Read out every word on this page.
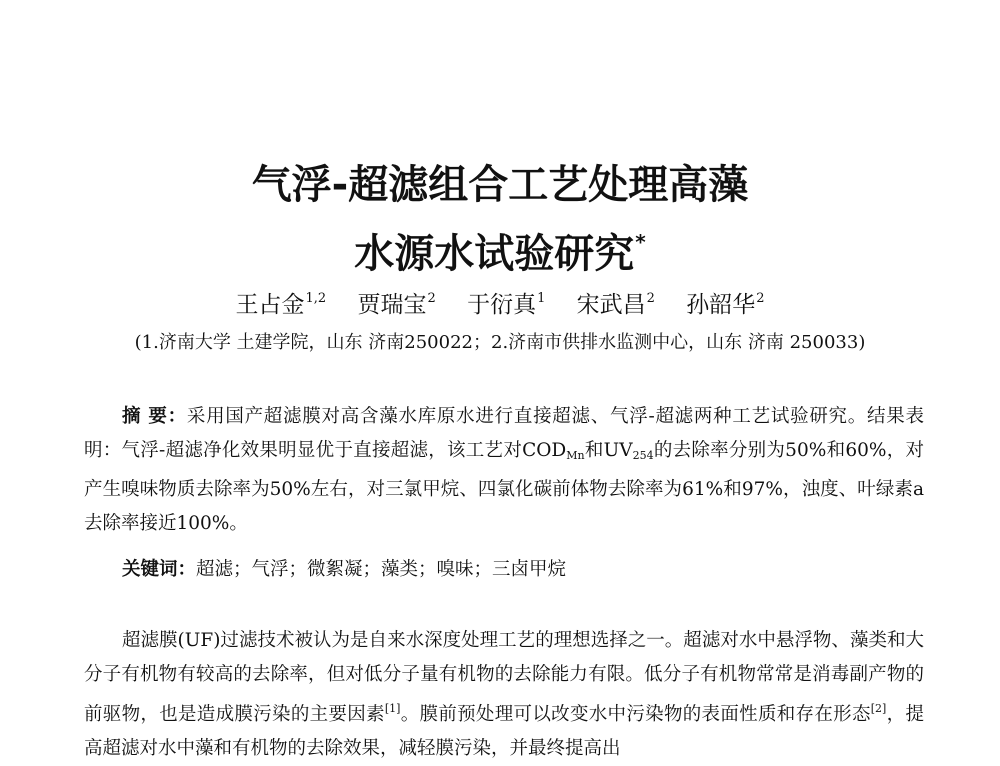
气浮-超滤组合工艺处理高藻
水源水试验研究*
王占金$^{1,2}$ 贾瑞宝$^2$ 于衍真$^1$ 宋武昌$^2$ 孙韶华$^2$
(1.济南大学 土建学院，山东 济南250022；2.济南市供排水监测中心，山东 济南 250033)
摘 要：采用国产超滤膜对高含藻水库原水进行直接超滤、气浮-超滤两种工艺试验研究。结果表明：气浮-超滤净化效果明显优于直接超滤，该工艺对$COD_{Mn}$和$UV_{254}$的去除率分别为50%和60%，对产生嗅味物质去除率为50%左右，对三氯甲烷、四氯化碳前体物去除率为61%和97%，浊度、叶绿素a去除率接近100%。
关键词：超滤；气浮；微絮凝；藻类；嗅味；三卤甲烷
超滤膜(UF)过滤技术被认为是自来水深度处理工艺的理想选择之一。超滤对水中悬浮物、藻类和大分子有机物有较高的去除率，但对低分子量有机物的去除能力有限。低分子有机物常常是消毒副产物的前驱物，也是造成膜污染的主要因素[1]。膜前预处理可以改变水中污染物的表面性质和存在形态[2]，提高超滤对水中藻和有机物的去除效果，减轻膜污染，并最终提高出
